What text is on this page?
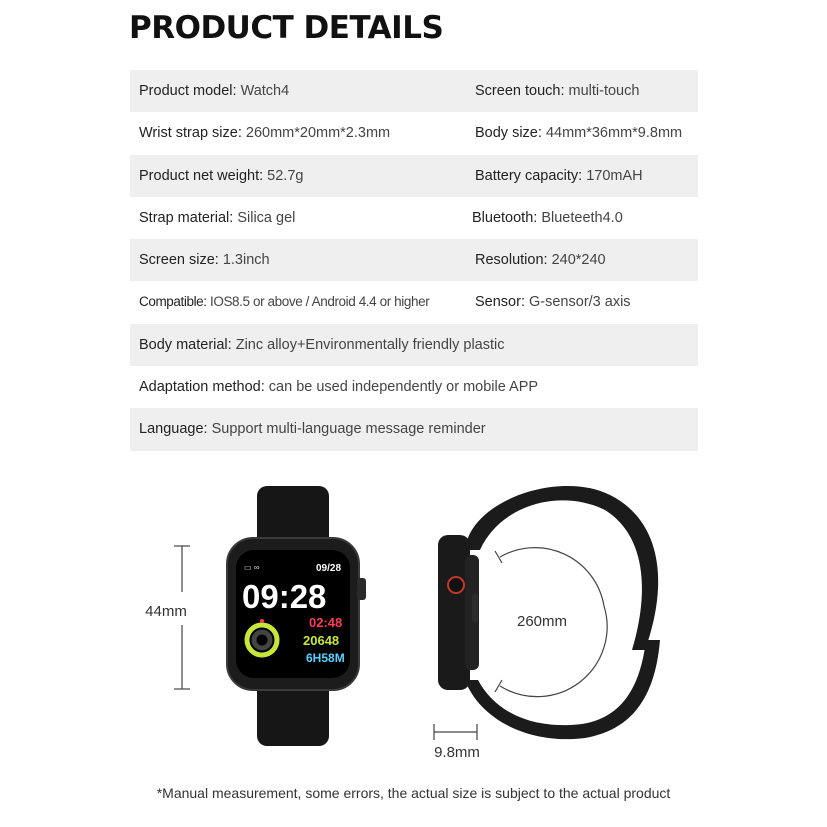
PRODUCT DETAILS
Product model: Watch4	Screen touch: multi-touch
Wrist strap size: 260mm*20mm*2.3mm	Body size: 44mm*36mm*9.8mm
Product net weight: 52.7g	Battery capacity: 170mAH
Strap material: Silica gel	Bluetooth: Blueteeth4.0
Screen size: 1.3inch	Resolution: 240*240
Compatible: IOS8.5 or above / Android 4.4 or higher	Sensor: G-sensor/3 axis
Body material: Zinc alloy+Environmentally friendly plastic
Adaptation method: can be used independently or mobile APP
Language: Support multi-language message reminder
44mm
▭ ∞	09/28
09:28
02:48
20648
6H58M
260mm
9.8mm
*Manual measurement, some errors, the actual size is subject to the actual product
